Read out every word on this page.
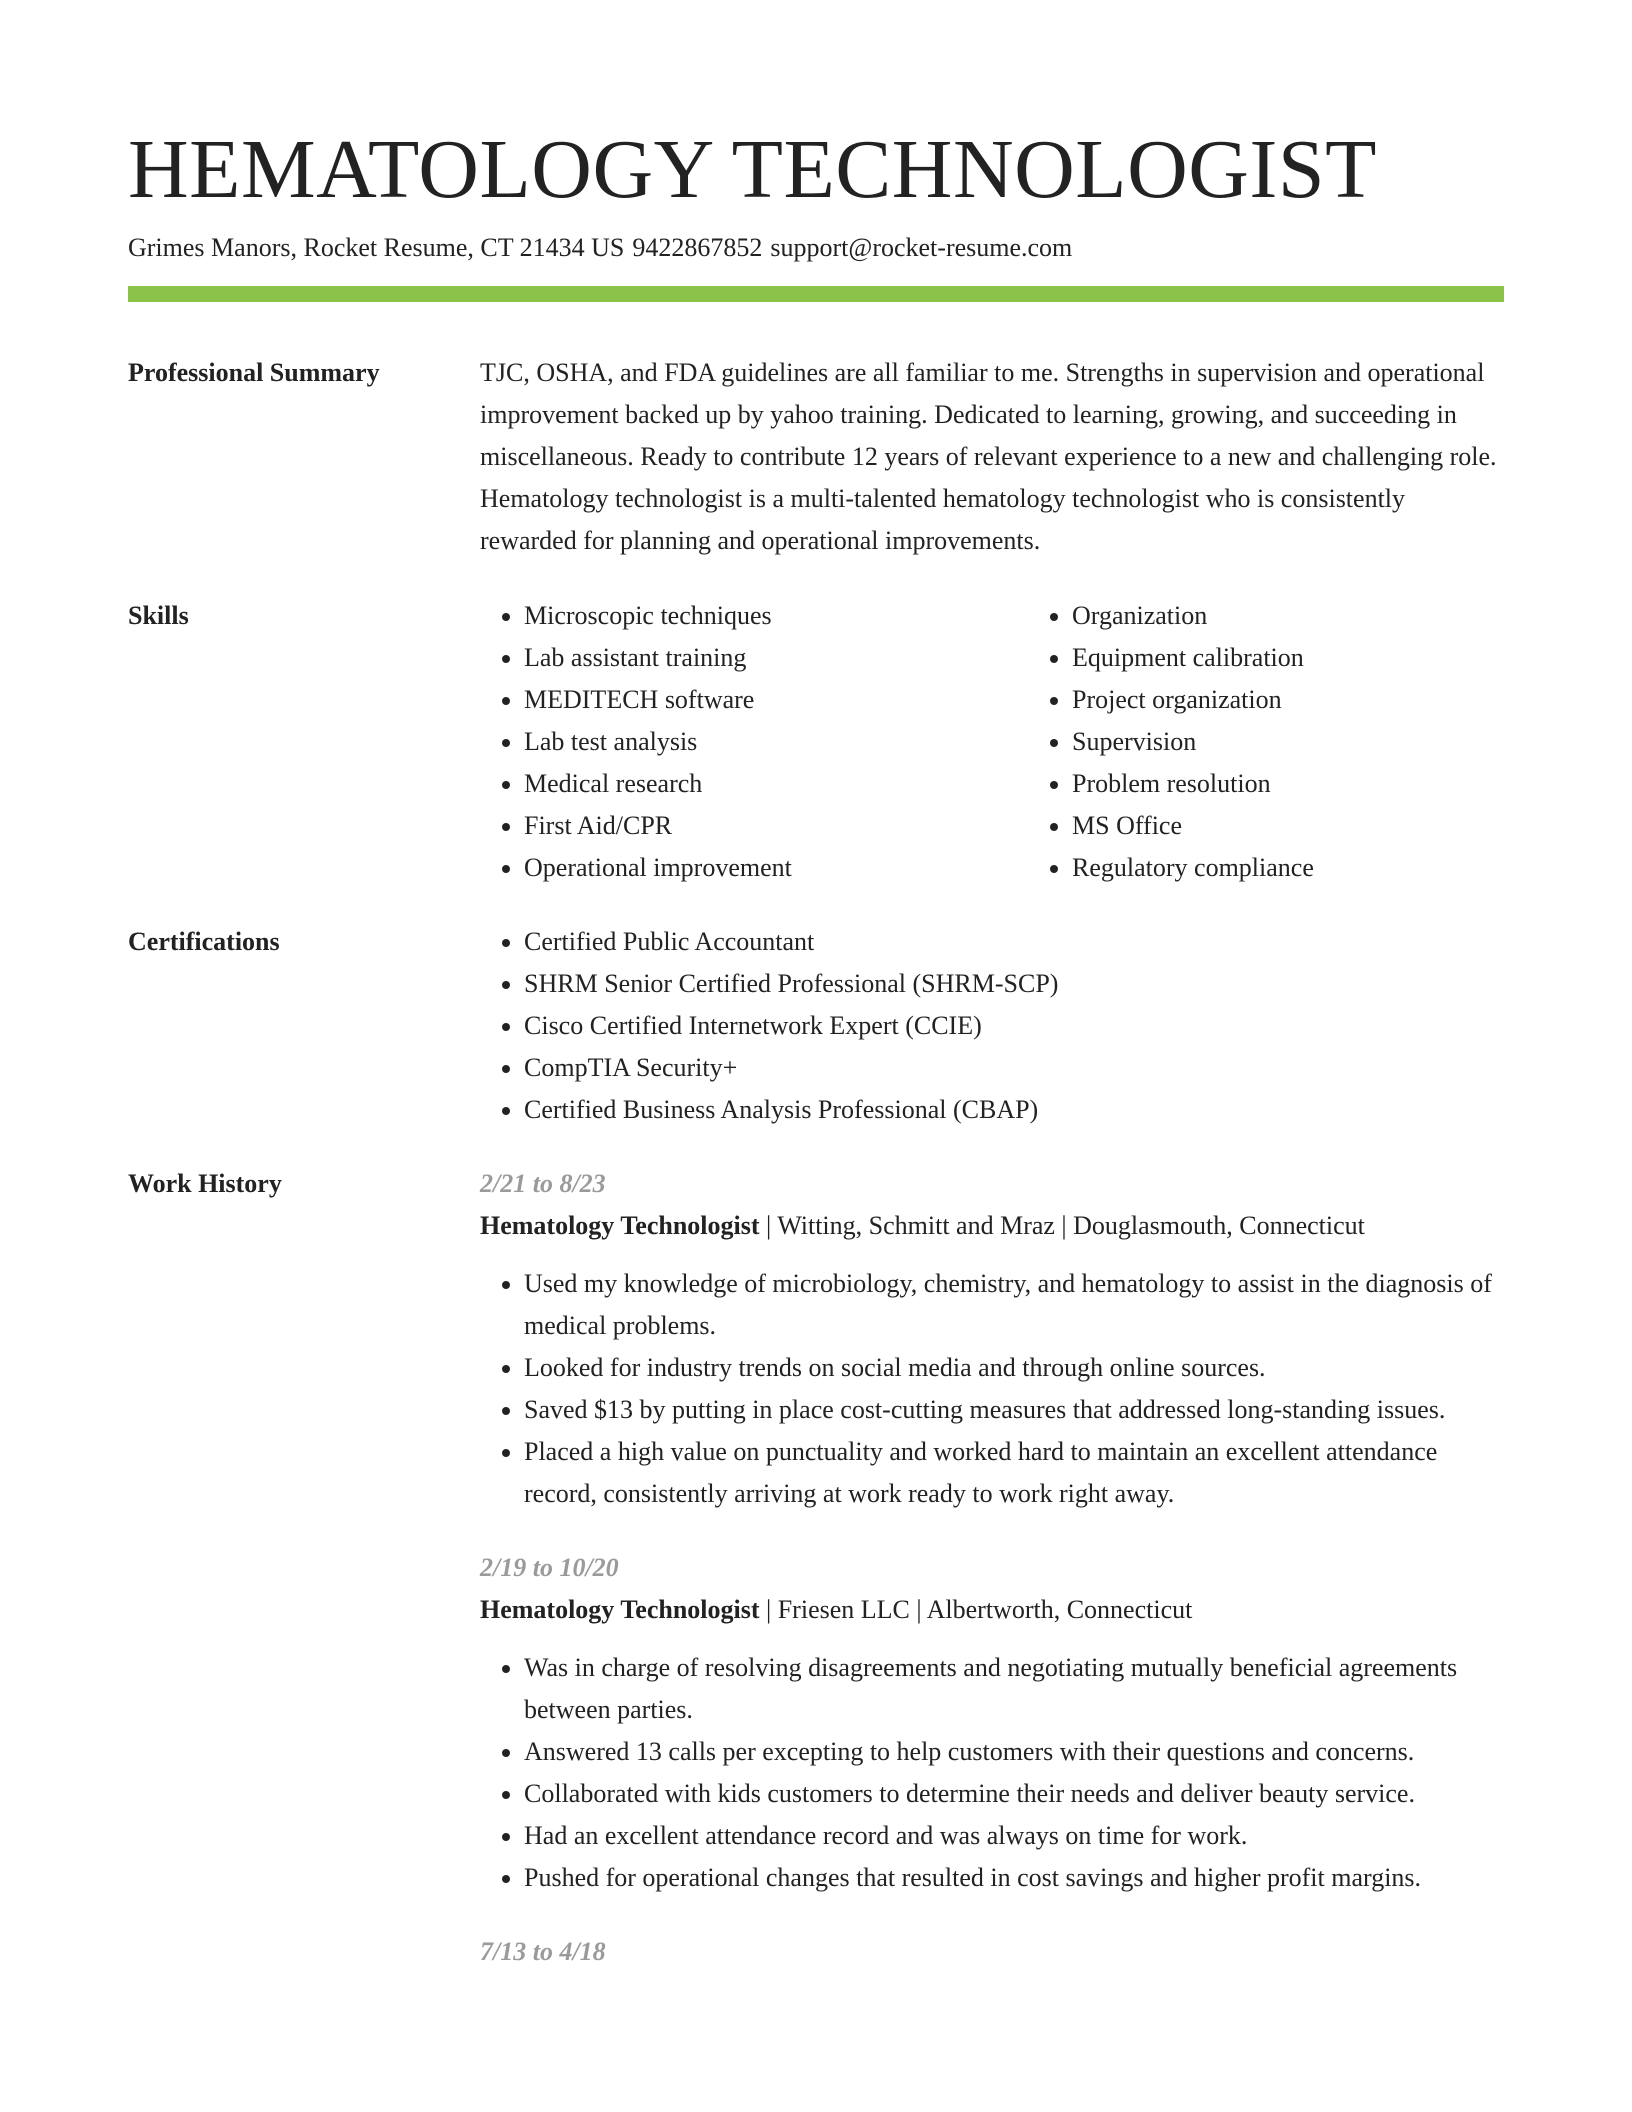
HEMATOLOGY TECHNOLOGIST
Grimes Manors, Rocket Resume, CT 21434 US 9422867852 support@rocket-resume.com
Professional Summary	TJC, OSHA, and FDA guidelines are all familiar to me. Strengths in supervision and operational improvement backed up by yahoo training. Dedicated to learning, growing, and succeeding in miscellaneous. Ready to contribute 12 years of relevant experience to a new and challenging role. Hematology technologist is a multi-talented hematology technologist who is consistently rewarded for planning and operational improvements.

Skills	• Microscopic techniques
• Lab assistant training
• MEDITECH software
• Lab test analysis
• Medical research
• First Aid/CPR
• Operational improvement
• Organization
• Equipment calibration
• Project organization
• Supervision
• Problem resolution
• MS Office
• Regulatory compliance
Certifications	• Certified Public Accountant
• SHRM Senior Certified Professional (SHRM-SCP)
• Cisco Certified Internetwork Expert (CCIE)
• CompTIA Security+
• Certified Business Analysis Professional (CBAP)
Work History	2/21 to 8/23
Hematology Technologist | Witting, Schmitt and Mraz | Douglasmouth, Connecticut
• Used my knowledge of microbiology, chemistry, and hematology to assist in the diagnosis of medical problems.
• Looked for industry trends on social media and through online sources.
• Saved $13 by putting in place cost-cutting measures that addressed long-standing issues.
• Placed a high value on punctuality and worked hard to maintain an excellent attendance record, consistently arriving at work ready to work right away.
2/19 to 10/20
Hematology Technologist | Friesen LLC | Albertworth, Connecticut
• Was in charge of resolving disagreements and negotiating mutually beneficial agreements between parties.
• Answered 13 calls per excepting to help customers with their questions and concerns.
• Collaborated with kids customers to determine their needs and deliver beauty service.
• Had an excellent attendance record and was always on time for work.
• Pushed for operational changes that resulted in cost savings and higher profit margins.
7/13 to 4/18
